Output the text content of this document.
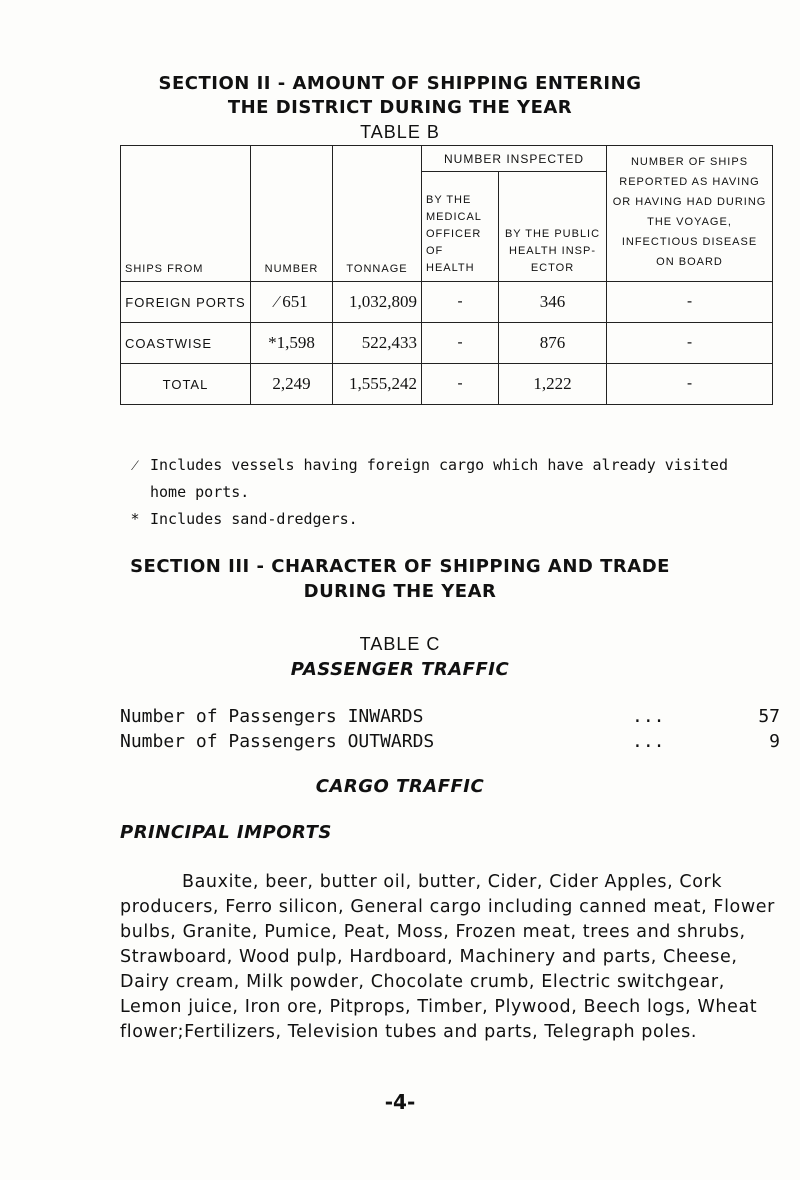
SECTION II - AMOUNT OF SHIPPING ENTERING
THE DISTRICT DURING THE YEAR
TABLE B
SHIPS FROM	NUMBER	TONNAGE	NUMBER INSPECTED		NUMBER OF SHIPS REPORTED AS HAVING OR HAVING HAD DURING THE VOYAGE, INFECTIOUS DISEASE ON BOARD
			BY THE MEDICAL OFFICER OF HEALTH	BY THE PUBLIC HEALTH INSP- ECTOR	
FOREIGN PORTS	⁄ 651	1,032,809	-	346	-
COASTWISE	*1,598	522,433	-	876	-
TOTAL	2,249	1,555,242	-	1,222	-
⁄ Includes vessels having foreign cargo which have already visited
home ports.
* Includes sand-dredgers.
SECTION III - CHARACTER OF SHIPPING AND TRADE
DURING THE YEAR
TABLE C
PASSENGER TRAFFIC
Number of Passengers INWARDS	...	57
Number of Passengers OUTWARDS	...	9
CARGO TRAFFIC
PRINCIPAL IMPORTS
Bauxite, beer, butter oil, butter, Cider, Cider Apples, Cork producers, Ferro silicon, General cargo including canned meat, Flower bulbs, Granite, Pumice, Peat, Moss, Frozen meat, trees and shrubs, Strawboard, Wood pulp, Hardboard, Machinery and parts, Cheese, Dairy cream, Milk powder, Chocolate crumb, Electric switchgear, Lemon juice, Iron ore, Pitprops, Timber, Plywood, Beech logs, Wheat flower;Fertilizers, Television tubes and parts, Telegraph poles.
-4-
